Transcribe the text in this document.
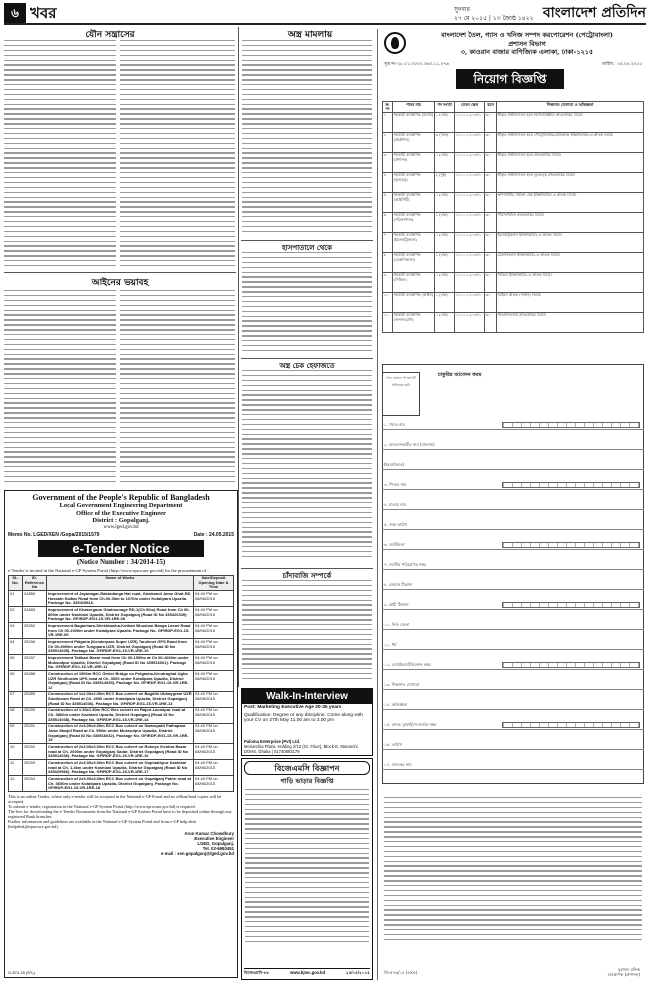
৬ খবর	সুনবার
২৭ মে ২০১৫ | ১৩ জ্যৈষ্ঠ ১৪২২ বাংলাদেশ প্রতিদিন
যৌন সন্ত্রাসের
আইনের ভয়াবহ
অস্ত্র মামলায়
হাসপাতালে থেকে
অস্ত্র চেক হেফাজতে
চাঁদাবাজি সম্পর্কে
Government of the People's Republic of Bangladesh
Local Government Engineering Department
Office of the Executive Engineer
District : Gopalganj.
www.lged.gov.bd
Memo No. LGED/XEN /Gopa/2015/1579	Date : 24.05.2015
e-Tender Notice
(Notice Number : 34/2014-15)
e-Tender is invited in the National e-GP System Portal (http://www.eprocure.gov.bd) for the procurement of :
SL. No.	ID. Reference No	Name of Works	Sale/Deposit Opening Date & Time
01	24850	Improvement of Jayanagar-Raktodanga Hat road, Gowkandi Jame Ghat-RD Hossain Kaibar Road from Ch.00-00m to 1070m under Kotalipara Upazila. Package No. 335415816.	04.40 PM on 08/06/2015
02	24583	Improvement of Khasergaon Ghatmonage RD-1(Ch 00m) Road from Ch 00-800m under Kashiani Upazila, District Gopalganj (Road ID No 335420339). Package No. GFIRDP-EG1-15-VR-1RE-08	04.40 PM on 08/06/2015
03	25252	Improvement Baganhara-Shekhbasha-Kothari Bhushan Banga Laxmi Road from Ch 00-1000m under Kotalipara Upazila. Package No. GFIRDP-EG1-15-VR-1RE-09	04.40 PM on 08/06/2015
04	25296	Improvement Palgaria (Kenderpara Super UZR) Tarulimei GPS Road from Ch 00-4900m under Tungipara UZR, District Gopalganj (Road ID No 335514035). Package No. GFIRDP-EG1-15-VR-1RE-10	04.40 PM on 08/06/2015
05	25297	Improvement Tatibari Bazar road from Ch 00-1900m at Ch 00-1000m under Muksudpur Upazila, District Gopalganj (Road ID No 335516001). Package No. GFIRDP-EG1-15-VR-1RE-11	04.40 PM on 08/06/2015
06	25288	Construction of 1500m RCC Girder Bridge on Polgasha-Kendraghat Ugha UZR Sindhuram UPS road at Ch. 3000 under Kotalipara Upazila, District Gopalganj (Road ID No 335514035). Package No. GFIRDP-EG1-15-VR-1RE-12	04.40 PM on 08/06/2015
07	25289	Construction of 1x2.00x2.00m RCC Box culvert on Bagdihi Ubhaygram UZR Sindhuram Road at Ch. 2900 under Kotalipara Upazila, District Gopalganj (Road ID No 335514036). Package No. GFIRDP-EG1-15-VR-1RE-13	04.40 PM on 08/06/2015
08	25290	Construction of 1.50x1.50m RCC Box culvert on Rajoir-Laxmipur road at Ch. 3800m under Kashiani Upazila, District Gopalganj (Road ID No 335514038). Package No. GFIRDP-EG1-15-VR-1RE-14	04.40 PM on 08/06/2015
09	25291	Construction of 2x4.00x4.00m RCC Box culvert on Swarupatti Pathapara Jame Masjid Road at Ch. 950m under Muksudpur Upazila, District Gopalganj (Road ID No 335516032). Package No. GFIRDP-EG1-15-VR-1RE-15	04.40 PM on 08/06/2015
10	25292	Construction of 2x3.00x3.00m RCC Box culvert on Rokeya Vichitra Bazar road at Ch. 2600m under Gopalganj Sadar, District Gopalganj (Road ID No 335514036). Package No. GFIRDP-EG1-15-VR-1RE-16	04.40 PM on 08/06/2015
11	25293	Construction of 2x3.00x3.00m RCC Box culvert on Gopinathpur Kashiani road at Ch. 1.4km under Kashiani Upazila, District Gopalganj (Road ID No 335329566). Package No. GFIRDP-EG1-15-VR-1RE-17	04.40 PM on 08/06/2015
12	25294	Construction of 2x3.00x3.00m RCC Box culvert on Gopalganj Pathri road at Ch. 3600m under Kotalipara Upazila, District Gopalganj. Package No. GFIRDP-EG1-15-VR-1RE-18	04.40 PM on 08/06/2015
This is an online Tender, where only e-tender will be accepted in the National e-GP Portal and no offline/hard copies will be accepted.
To submit e-tender, registration in the National e-GP System Portal (http://www.eprocure.gov.bd) is required.
The fees for downloading the e-Tender Documents from the National e-GP System Portal have to be deposited online through any registered Bank branches.
Further information and guidelines are available in the National e-GP System Portal and from e-GP help desk (helpdesk@eprocure.gov.bd).
Arun Kumar Chowdhury
Executive Engineer
LGED, Gopalganj.
Tel. 02-6680451
e-mail : xen.gopalganj@lged.gov.bd
G-574-15 (5¹/₂)
Walk-In-Interview
Post: Marketing Executive Age 20-35 years
Qualification: Degree or any discipline. Come along with your CV on 27th May 11.00 am to 3.00 pm
Paloma Enterprise (Pvt) Ltd.
Monarchia Plaza, Holding 2/12 (Gr. Floor), Block-E, Monarchi DOHS, Dhaka | 01740893179
বিজেএমসি বিজ্ঞাপন
গাড়ি ভাড়ার বিজ্ঞপ্তি
বিজেএমসি-৮৮	www.bjmc.gov.bd	২৫/০৫/২০১৫
বাংলাদেশ তৈল, গ্যাস ও খনিজ সম্পদ করপোরেশন (পেট্রোবাংলা)
প্রশাসন বিভাগ
৩, কাওরান বাজার বাণিজ্যিক এলাকা, ঢাকা-১২১৫
সূত্র নং-২৮.০১.০০০০.৩৬৩.১১.০৭৬	তারিখ : ২৪.০৫.২০১৫
নিয়োগ বিজ্ঞপ্তি
ক্র. নং	পদের নাম	পদ সংখ্যা	বেতন স্কেল	বয়স	শিক্ষাগত যোগ্যতা ও অভিজ্ঞতা
১	সহকারী ব্যবস্থাপক (হিসাব)	১ (এক)	১১০০০-২০৩৭০	৩০	স্বীকৃত বিশ্ববিদ্যালয় হতে হিসাববিজ্ঞানে স্নাতকোত্তর ডিগ্রি।
২	সহকারী ব্যবস্থাপক (প্রকৌশল)	৩ (তিন)	১১০০০-২০৩৭০	৩০	স্বীকৃত বিশ্ববিদ্যালয় হতে পেট্রোলিয়াম/কেমিক্যাল ইঞ্জিনিয়ারিং-এ স্নাতক ডিগ্রি।
৩	সহকারী ব্যবস্থাপক (প্রশাসন)	১ (এক)	১১০০০-২০৩৭০	৩০	স্বীকৃত বিশ্ববিদ্যালয় হতে স্নাতকোত্তর ডিগ্রি।
৪	সহকারী ব্যবস্থাপক (ভূতত্ত্ব)	২ (দুই)	১১০০০-২০৩৭০	৩০	স্বীকৃত বিশ্ববিদ্যালয় হতে ভূতত্ত্বে স্নাতকোত্তর ডিগ্রি।
৫	সহকারী ব্যবস্থাপক (আইসিটি)	১ (এক)	১১০০০-২০৩৭০	৩০	কম্পিউটার সায়েন্স এন্ড ইঞ্জিনিয়ারিং-এ স্নাতক ডিগ্রি।
৬	সহকারী ব্যবস্থাপক (পরিসংখ্যান)	১ (এক)	১১০০০-২০৩৭০	৩০	পরিসংখ্যানে স্নাতকোত্তর ডিগ্রি।
৭	সহকারী ব্যবস্থাপক (ইলেকট্রিক্যাল)	১ (এক)	১১০০০-২০৩৭০	৩০	ইলেকট্রিক্যাল ইঞ্জিনিয়ারিং-এ স্নাতক ডিগ্রি।
৮	সহকারী ব্যবস্থাপক (মেকানিক্যাল)	১ (এক)	১১০০০-২০৩৭০	৩০	মেকানিক্যাল ইঞ্জিনিয়ারিং-এ স্নাতক ডিগ্রি।
৯	সহকারী ব্যবস্থাপক (সিভিল)	১ (এক)	১১০০০-২০৩৭০	৩০	সিভিল ইঞ্জিনিয়ারিং-এ স্নাতক ডিগ্রি।
১০	সহকারী ব্যবস্থাপক (আইন)	১ (এক)	১১০০০-২০৩৭০	৩০	আইনে স্নাতক (সম্মান) ডিগ্রি।
১১	সহকারী ব্যবস্থাপক (জনসংযোগ)	১ (এক)	১১০০০-২০৩৭০	৩০	সাংবাদিকতায় স্নাতকোত্তর ডিগ্রি।
সদ্য তোলা পাসপোর্ট সাইজের ছবি
চাকুরির আবেদন ফরম
১. পদের নাম
২. আবেদনকারীর নাম (বাংলায়)
(ইংরেজিতে)
৩. পিতার নাম
৪. মাতার নাম
৫. জন্ম তারিখ
৬. জাতীয়তা
৭. জাতীয় পরিচয়পত্র নম্বর
৮. বর্তমান ঠিকানা
৯. স্থায়ী ঠিকানা
১০. নিজ জেলা
১১. ধর্ম
১২. মোবাইল/টেলিফোন নম্বর
১৩. শিক্ষাগত যোগ্যতা
১৪. অভিজ্ঞতা
১৫. ব্যাংক ড্রাফট/পে-অর্ডার নম্বর
১৬. তারিখ
১৭. ব্যাংকের নাম
জি-৫৭৬/১৫ (৫×৫)
মুহাম্মদ রফিক
ব্যবস্থাপক (প্রশাসন)
